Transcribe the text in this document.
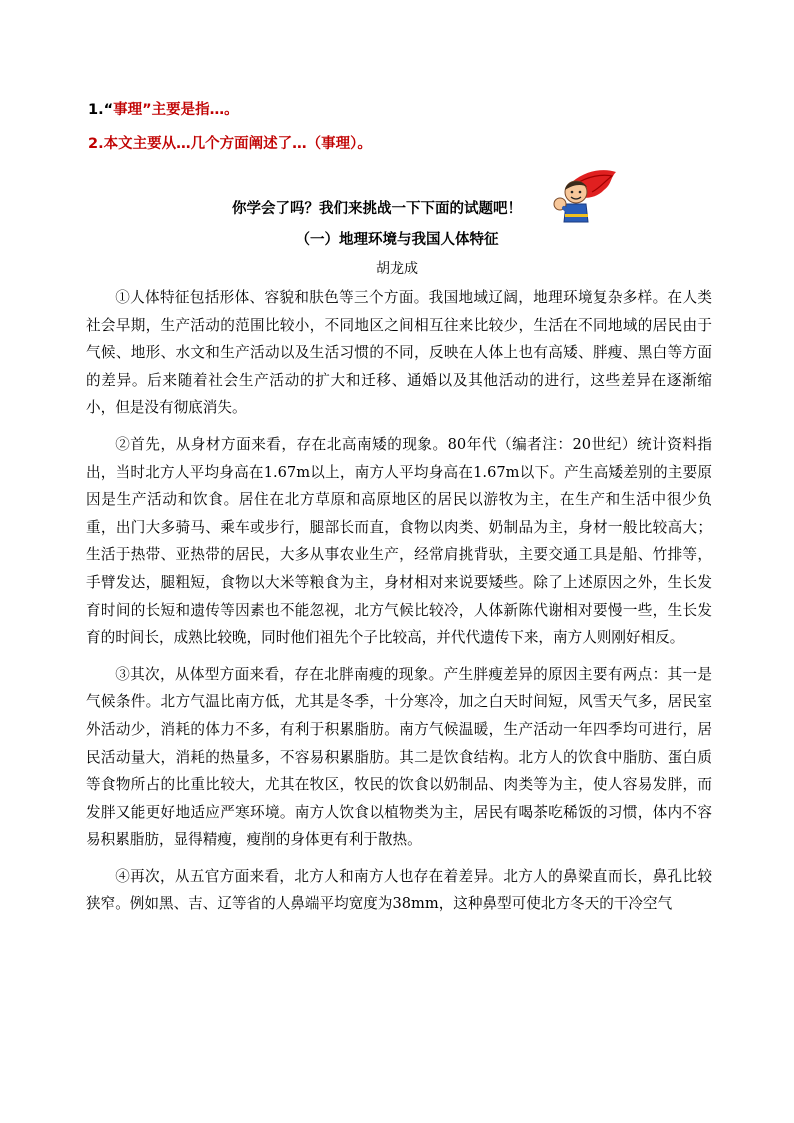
1.“事理”主要是指…。
2.本文主要从…几个方面阐述了…（事理）。
你学会了吗？我们来挑战一下下面的试题吧！
（一）地理环境与我国人体特征
胡龙成

①人体特征包括形体、容貌和肤色等三个方面。我国地域辽阔，地理环境复杂多样。在人类社会早期，生产活动的范围比较小，不同地区之间相互往来比较少，生活在不同地域的居民由于气候、地形、水文和生产活动以及生活习惯的不同，反映在人体上也有高矮、胖瘦、黑白等方面的差异。后来随着社会生产活动的扩大和迁移、通婚以及其他活动的进行，这些差异在逐渐缩小，但是没有彻底消失。

②首先，从身材方面来看，存在北高南矮的现象。80年代（编者注：20世纪）统计资料指出，当时北方人平均身高在1.67m以上，南方人平均身高在1.67m以下。产生高矮差别的主要原因是生产活动和饮食。居住在北方草原和高原地区的居民以游牧为主，在生产和生活中很少负重，出门大多骑马、乘车或步行，腿部长而直，食物以肉类、奶制品为主，身材一般比较高大；生活于热带、亚热带的居民，大多从事农业生产，经常肩挑背驮，主要交通工具是船、竹排等，手臂发达，腿粗短，食物以大米等粮食为主，身材相对来说要矮些。除了上述原因之外，生长发育时间的长短和遗传等因素也不能忽视，北方气候比较冷，人体新陈代谢相对要慢一些，生长发育的时间长，成熟比较晚，同时他们祖先个子比较高，并代代遗传下来，南方人则刚好相反。

③其次，从体型方面来看，存在北胖南瘦的现象。产生胖瘦差异的原因主要有两点：其一是气候条件。北方气温比南方低，尤其是冬季，十分寒冷，加之白天时间短，风雪天气多，居民室外活动少，消耗的体力不多，有利于积累脂肪。南方气候温暖，生产活动一年四季均可进行，居民活动量大，消耗的热量多，不容易积累脂肪。其二是饮食结构。北方人的饮食中脂肪、蛋白质等食物所占的比重比较大，尤其在牧区，牧民的饮食以奶制品、肉类等为主，使人容易发胖，而发胖又能更好地适应严寒环境。南方人饮食以植物类为主，居民有喝茶吃稀饭的习惯，体内不容易积累脂肪，显得精瘦，瘦削的身体更有利于散热。

④再次，从五官方面来看，北方人和南方人也存在着差异。北方人的鼻梁直而长，鼻孔比较狭窄。例如黑、吉、辽等省的人鼻端平均宽度为38mm，这种鼻型可使北方冬天的干冷空气
